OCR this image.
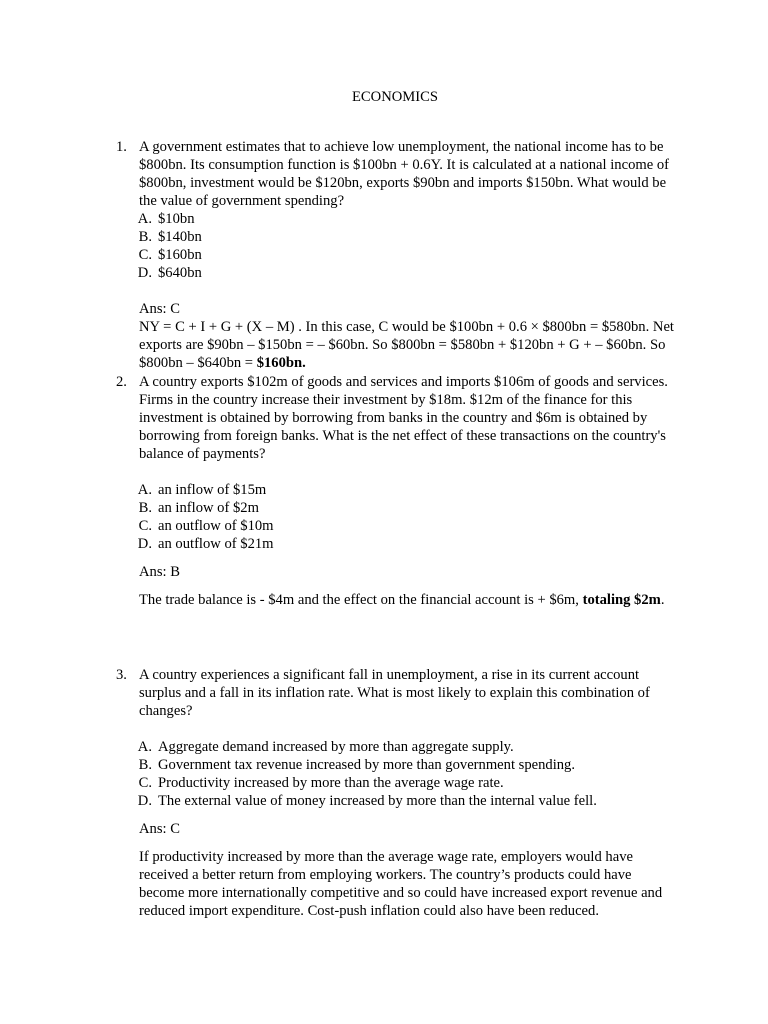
ECONOMICS
1. A government estimates that to achieve low unemployment, the national income has to be $800bn. Its consumption function is $100bn + 0.6Y. It is calculated at a national income of $800bn, investment would be $120bn, exports $90bn and imports $150bn. What would be the value of government spending?
A. $10bn
B. $140bn
C. $160bn
D. $640bn
Ans: C
NY = C + I + G + (X – M) . In this case, C would be $100bn + 0.6 × $800bn = $580bn. Net exports are $90bn – $150bn = – $60bn. So $800bn = $580bn + $120bn + G + – $60bn. So $800bn – $640bn = $160bn.
2. A country exports $102m of goods and services and imports $106m of goods and services. Firms in the country increase their investment by $18m. $12m of the finance for this investment is obtained by borrowing from banks in the country and $6m is obtained by borrowing from foreign banks. What is the net effect of these transactions on the country's balance of payments?
A. an inflow of $15m
B. an inflow of $2m
C. an outflow of $10m
D. an outflow of $21m
Ans: B
The trade balance is - $4m and the effect on the financial account is + $6m, totaling $2m.
3. A country experiences a significant fall in unemployment, a rise in its current account surplus and a fall in its inflation rate. What is most likely to explain this combination of changes?
A. Aggregate demand increased by more than aggregate supply.
B. Government tax revenue increased by more than government spending.
C. Productivity increased by more than the average wage rate.
D. The external value of money increased by more than the internal value fell.
Ans: C
If productivity increased by more than the average wage rate, employers would have received a better return from employing workers. The country’s products could have become more internationally competitive and so could have increased export revenue and reduced import expenditure. Cost-push inflation could also have been reduced.
